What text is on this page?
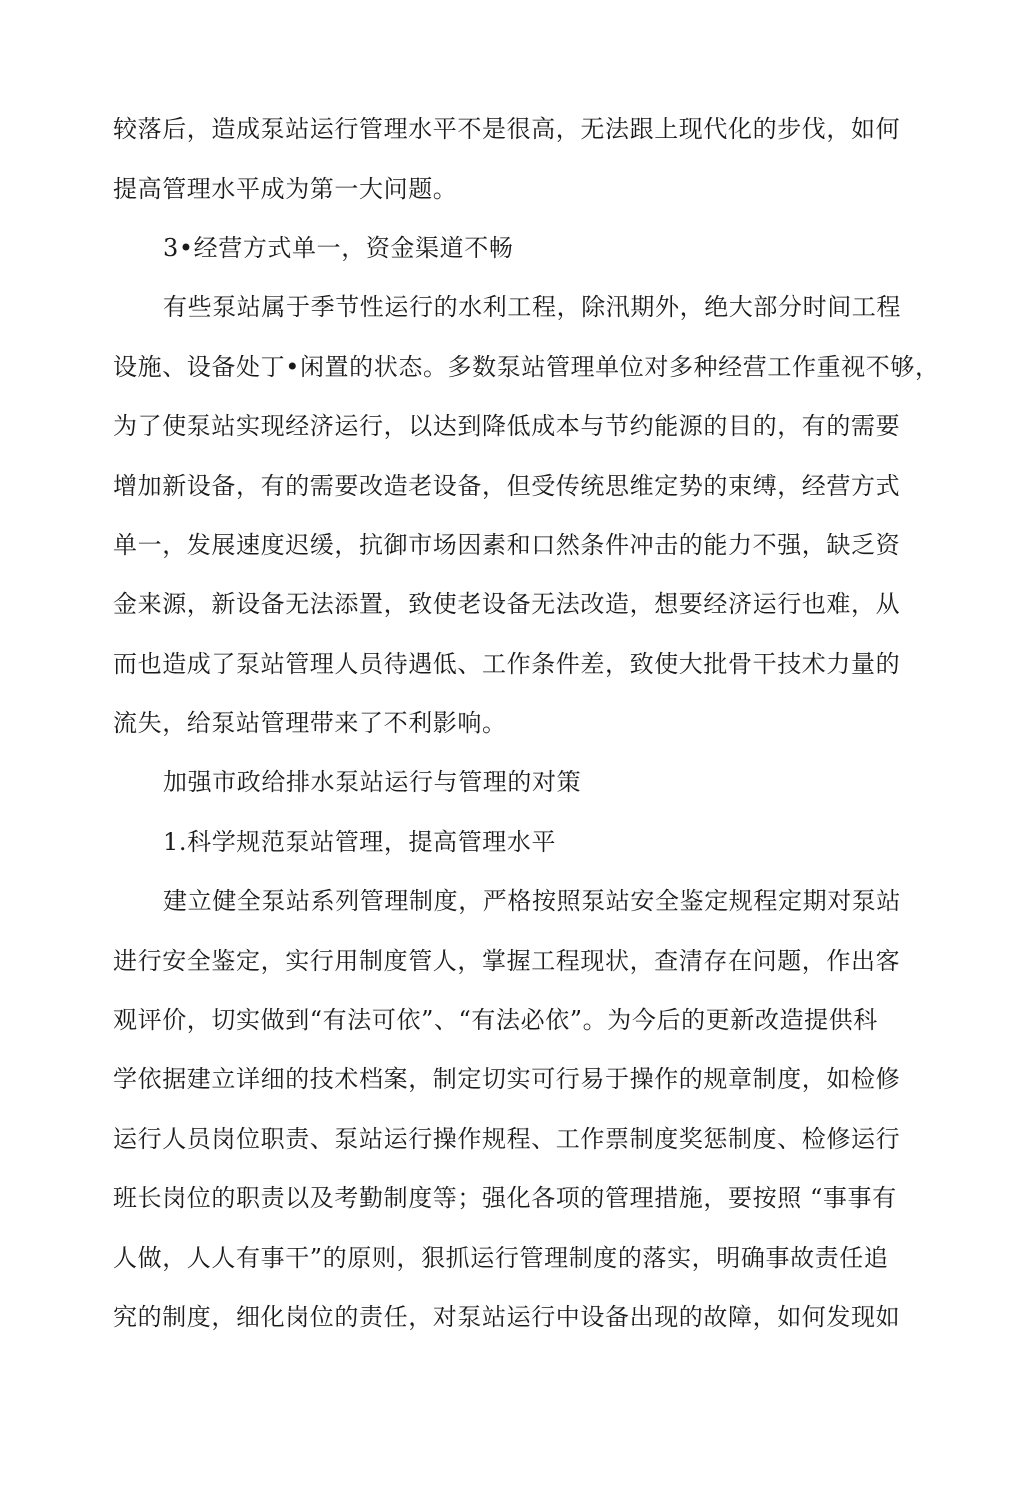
较落后，造成泵站运行管理水平不是很高，无法跟上现代化的步伐，如何
提高管理水平成为第一大问题。
3•经营方式单一，资金渠道不畅
有些泵站属于季节性运行的水利工程，除汛期外，绝大部分时间工程
设施、设备处丁•闲置的状态。多数泵站管理单位对多种经营工作重视不够，
为了使泵站实现经济运行，以达到降低成本与节约能源的目的，有的需要
增加新设备，有的需要改造老设备，但受传统思维定势的束缚，经营方式
单一，发展速度迟缓，抗御市场因素和口然条件冲击的能力不强，缺乏资
金来源，新设备无法添置，致使老设备无法改造，想要经济运行也难，从
而也造成了泵站管理人员待遇低、工作条件差，致使大批骨干技术力量的
流失，给泵站管理带来了不利影响。
加强市政给排水泵站运行与管理的对策
1.科学规范泵站管理，提高管理水平
建立健全泵站系列管理制度，严格按照泵站安全鉴定规程定期对泵站
进行安全鉴定，实行用制度管人，掌握工程现状，查清存在问题，作出客
观评价，切实做到“有法可依”、“有法必依”。为今后的更新改造提供科
学依据建立详细的技术档案，制定切实可行易于操作的规章制度，如检修
运行人员岗位职责、泵站运行操作规程、工作票制度奖惩制度、检修运行
班长岗位的职责以及考勤制度等；强化各项的管理措施，要按照 “事事有
人做，人人有事干”的原则，狠抓运行管理制度的落实，明确事故责任追
究的制度，细化岗位的责任，对泵站运行中设备出现的故障，如何发现如
